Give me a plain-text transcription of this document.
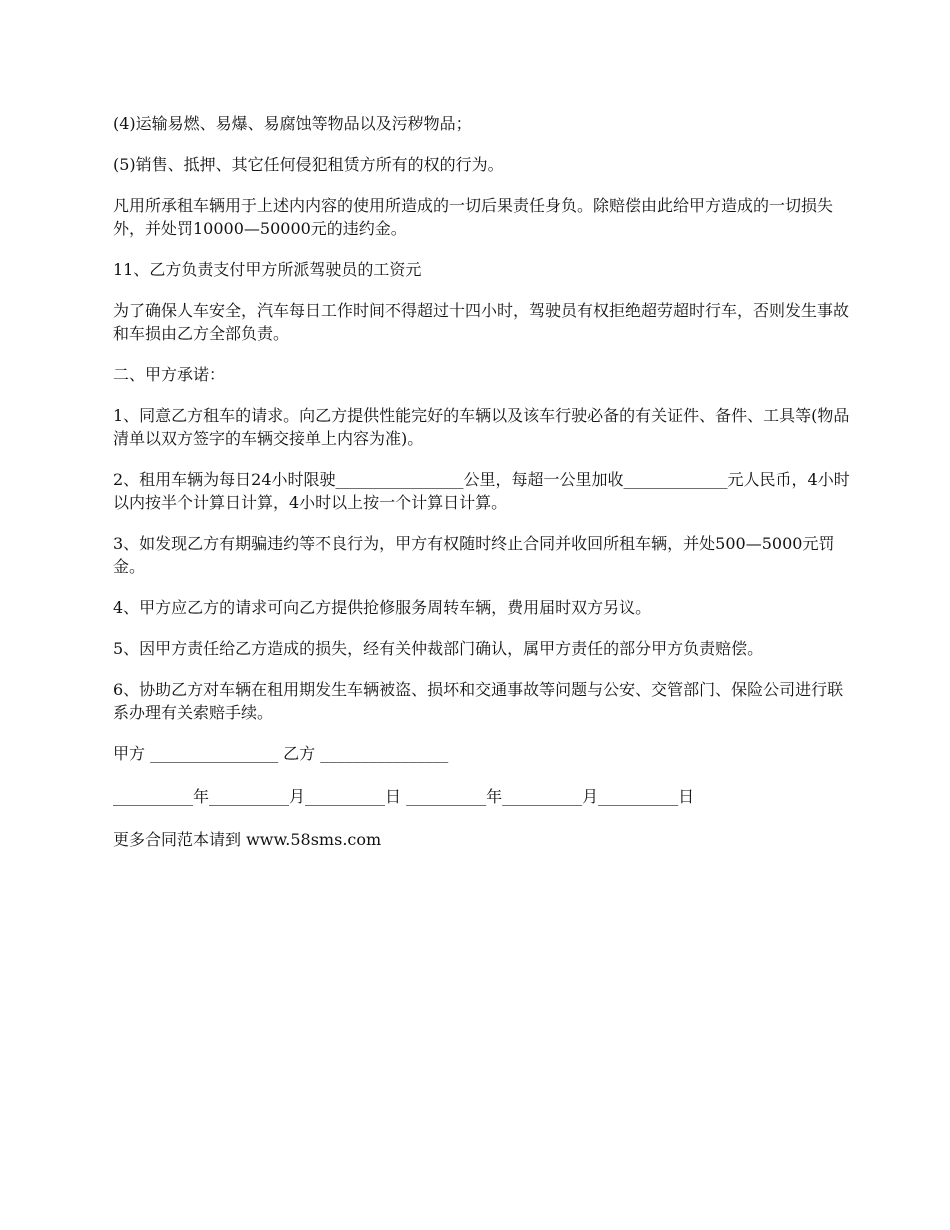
(4)运输易燃、易爆、易腐蚀等物品以及污秽物品；

(5)销售、抵押、其它任何侵犯租赁方所有的权的行为。

凡用所承租车辆用于上述内内容的使用所造成的一切后果责任身负。除赔偿由此给甲方造成的一切损失外，并处罚10000—50000元的违约金。

11、乙方负责支付甲方所派驾驶员的工资元

为了确保人车安全，汽车每日工作时间不得超过十四小时，驾驶员有权拒绝超劳超时行车，否则发生事故和车损由乙方全部负责。

二、甲方承诺：

1、同意乙方租车的请求。向乙方提供性能完好的车辆以及该车行驶必备的有关证件、备件、工具等(物品清单以双方签字的车辆交接单上内容为准)。

2、租用车辆为每日24小时限驶________________公里，每超一公里加收_____________元人民币，4小时以内按半个计算日计算，4小时以上按一个计算日计算。

3、如发现乙方有期骗违约等不良行为，甲方有权随时终止合同并收回所租车辆，并处500—5000元罚金。

4、甲方应乙方的请求可向乙方提供抢修服务周转车辆，费用届时双方另议。

5、因甲方责任给乙方造成的损失，经有关仲裁部门确认，属甲方责任的部分甲方负责赔偿。

6、协助乙方对车辆在租用期发生车辆被盗、损坏和交通事故等问题与公安、交管部门、保险公司进行联系办理有关索赔手续。

甲方 ________________ 乙方 ________________

__________年__________月__________日 __________年__________月__________日

更多合同范本请到 www.58sms.com
